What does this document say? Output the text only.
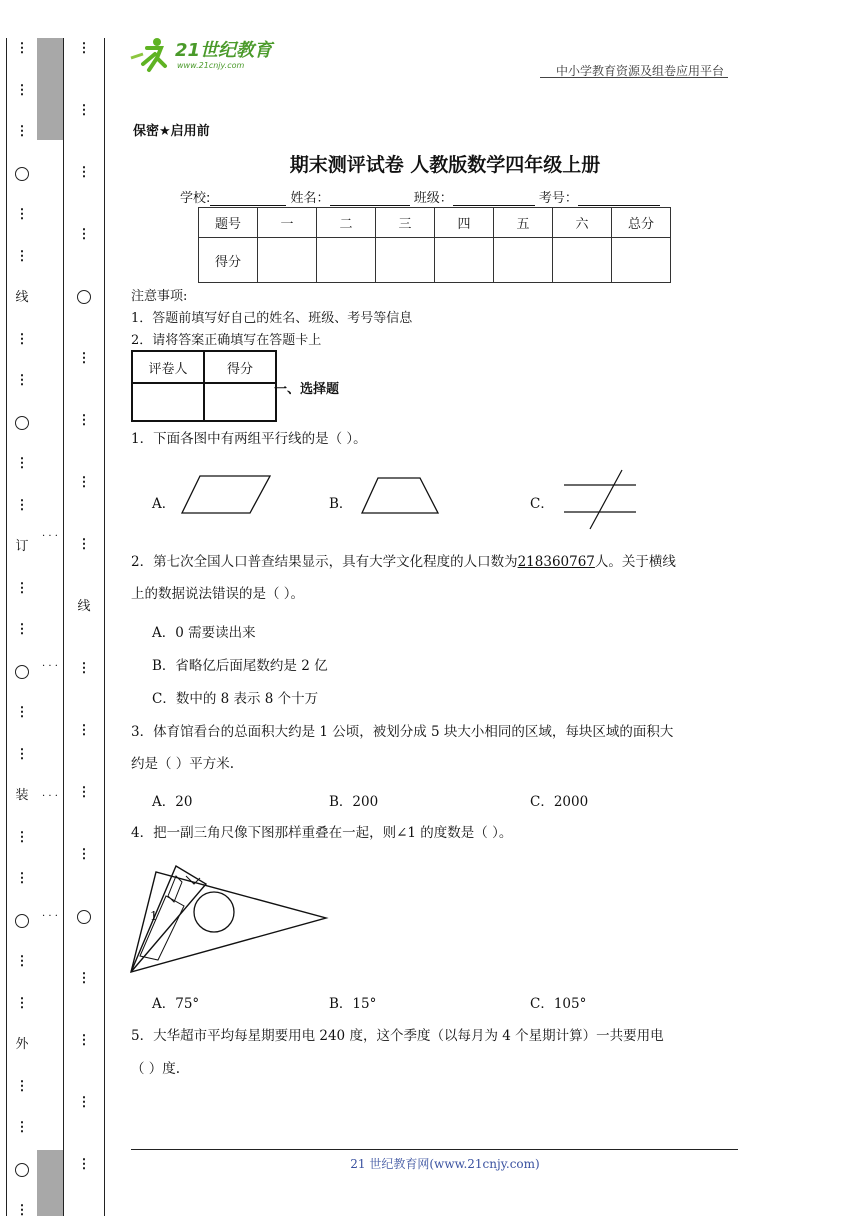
⋮
⋮
⋮
⋮
⋮
线
⋮
⋮
⋮
⋮
订
⋮
⋮
⋮
⋮
装
⋮
⋮
⋮
⋮
外
⋮
⋮
⋮
· · ·
· · ·
· · ·
· · ·
⋮
⋮
⋮
⋮
⋮
⋮
⋮
⋮
线
⋮
⋮
⋮
⋮
⋮
⋮
⋮
⋮
21世纪教育
www.21cnjy.com	中小学教育资源及组卷应用平台
保密★启用前
期末测评试卷 人教版数学四年级上册
学校:	姓名：	班级：	考号：
题号	一	二	三	四	五	六	总分
得分							
注意事项:
1．答题前填写好自己的姓名、班级、考号等信息
2．请将答案正确填写在答题卡上
评卷人	得分

一、选择题
1．下面各图中有两组平行线的是（ ）。
A．	B．	C．
2．第七次全国人口普查结果显示，具有大学文化程度的人口数为218360767人。关于横线
上的数据说法错误的是（ ）。
A．0 需要读出来
B．省略亿后面尾数约是 2 亿
C．数中的 8 表示 8 个十万
3．体育馆看台的总面积大约是 1 公顷，被划分成 5 块大小相同的区域，每块区域的面积大
约是（ ）平方米.
A．20	B．200	C．2000
4．把一副三角尺像下图那样重叠在一起，则∠1 的度数是（ ）。
1
A．75°	B．15°	C．105°
5．大华超市平均每星期要用电 240 度，这个季度（以每月为 4 个星期计算）一共要用电
（ ）度.
21 世纪教育网(www.21cnjy.com)
